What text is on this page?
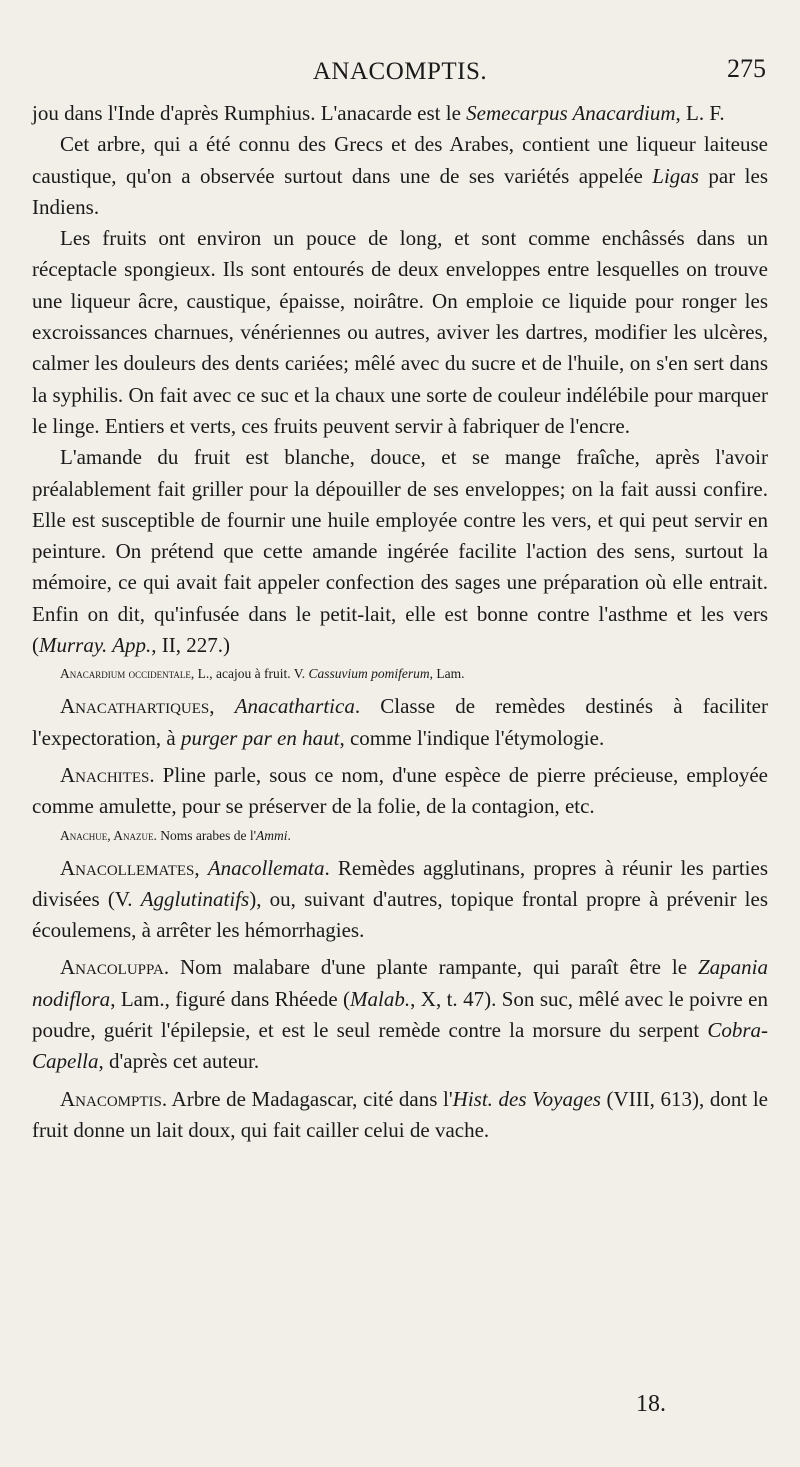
ANACOMPTIS.	275

jou dans l'Inde d'après Rumphius. L'anacarde est le Semecarpus Anacardium, L. F.

Cet arbre, qui a été connu des Grecs et des Arabes, contient une liqueur laiteuse caustique, qu'on a observée surtout dans une de ses variétés appelée Ligas par les Indiens.

Les fruits ont environ un pouce de long, et sont comme enchâssés dans un réceptacle spongieux. Ils sont entourés de deux enveloppes entre lesquelles on trouve une liqueur âcre, caustique, épaisse, noirâtre. On emploie ce liquide pour ronger les excroissances charnues, vénériennes ou autres, aviver les dartres, modifier les ulcères, calmer les douleurs des dents cariées; mêlé avec du sucre et de l'huile, on s'en sert dans la syphilis. On fait avec ce suc et la chaux une sorte de couleur indélébile pour marquer le linge. Entiers et verts, ces fruits peuvent servir à fabriquer de l'encre.

L'amande du fruit est blanche, douce, et se mange fraîche, après l'avoir préalablement fait griller pour la dépouiller de ses enveloppes; on la fait aussi confire. Elle est susceptible de fournir une huile employée contre les vers, et qui peut servir en peinture. On prétend que cette amande ingérée facilite l'action des sens, surtout la mémoire, ce qui avait fait appeler confection des sages une préparation où elle entrait. Enfin on dit, qu'infusée dans le petit-lait, elle est bonne contre l'asthme et les vers (Murray. App., II, 227.)

Anacardium occidentale, L., acajou à fruit. V. Cassuvium pomiferum, Lam.

Anacathartiques, Anacathartica. Classe de remèdes destinés à faciliter l'expectoration, à purger par en haut, comme l'indique l'étymologie.

Anachites. Pline parle, sous ce nom, d'une espèce de pierre précieuse, employée comme amulette, pour se préserver de la folie, de la contagion, etc.

Anachue, Anazue. Noms arabes de l'Ammi.

Anacollemates, Anacollemata. Remèdes agglutinans, propres à réunir les parties divisées (V. Agglutinatifs), ou, suivant d'autres, topique frontal propre à prévenir les écoulemens, à arrêter les hémorrhagies.

Anacoluppa. Nom malabare d'une plante rampante, qui paraît être le Zapania nodiflora, Lam., figuré dans Rhéede (Malab., X, t. 47). Son suc, mêlé avec le poivre en poudre, guérit l'épilepsie, et est le seul remède contre la morsure du serpent Cobra-Capella, d'après cet auteur.

Anacomptis. Arbre de Madagascar, cité dans l'Hist. des Voyages (VIII, 613), dont le fruit donne un lait doux, qui fait cailler celui de vache.

18.
